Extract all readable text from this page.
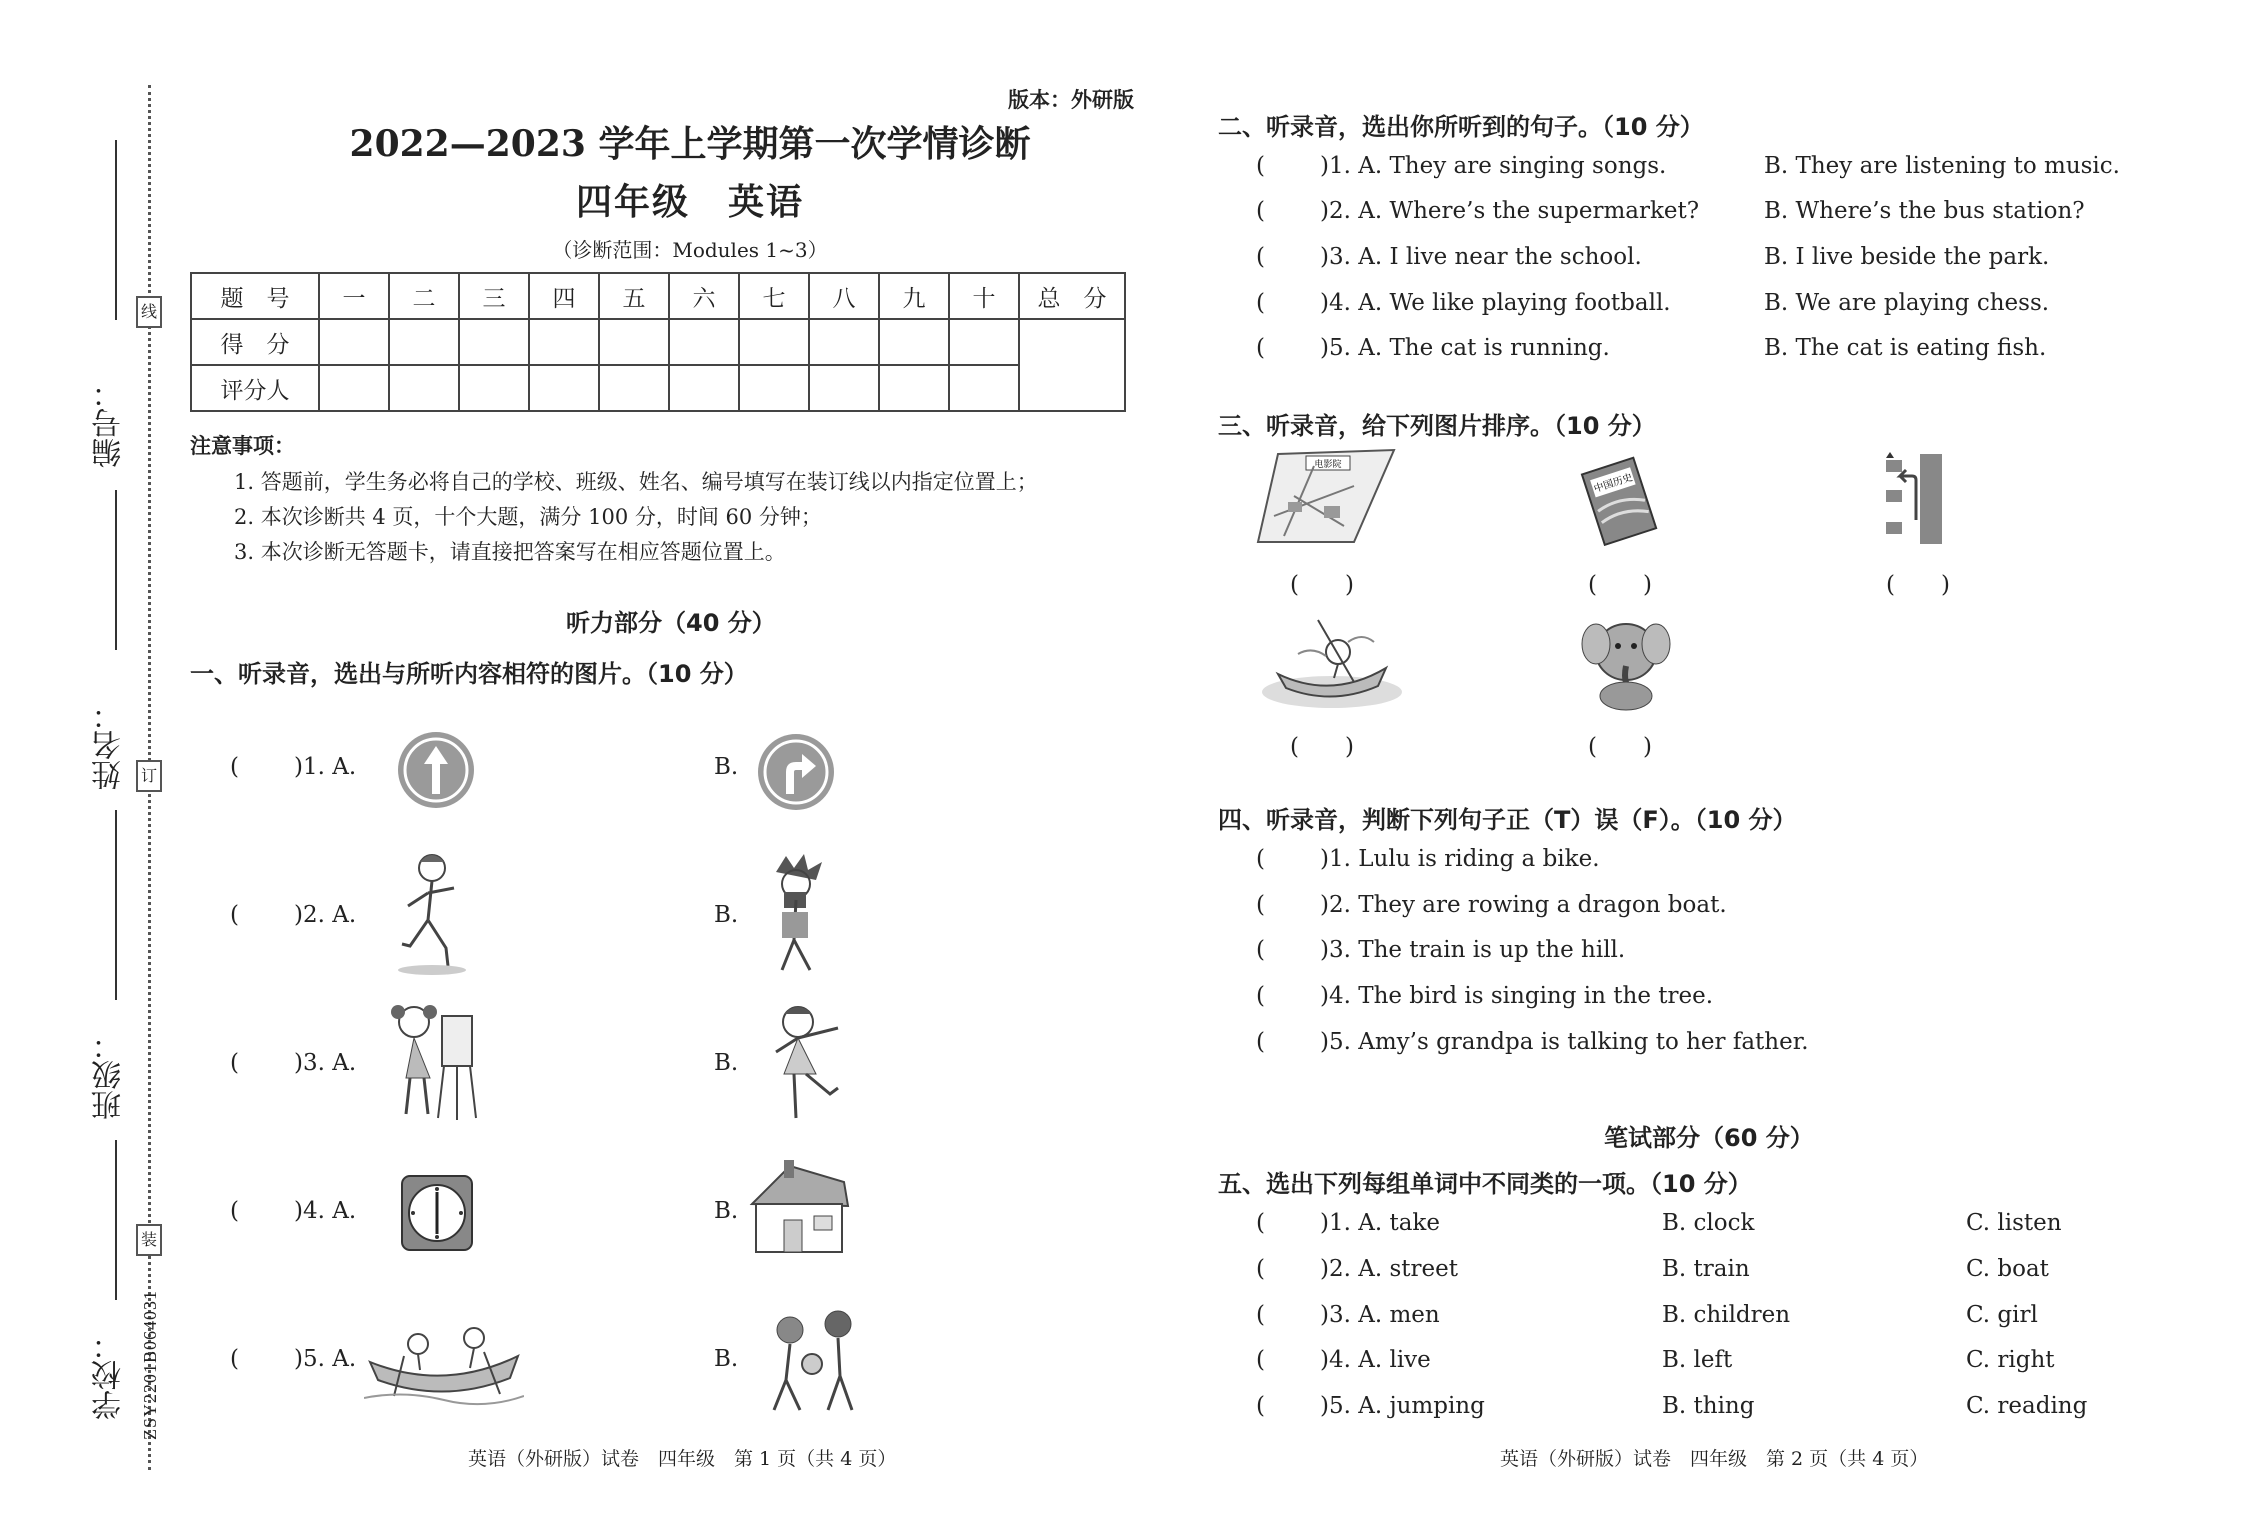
编号：
姓名：
班级：
学校：
线
订
装
ZSY2201B064031
版本：外研版
2022—2023 学年上学期第一次学情诊断
四年级　英语
（诊断范围：Modules 1~3）
题　号	一	二	三	四	五	六	七	八	九	十	总　分
得　分											
评分人											
注意事项：
1. 答题前，学生务必将自己的学校、班级、姓名、编号填写在装订线以内指定位置上；
2. 本次诊断共 4 页，十个大题，满分 100 分，时间 60 分钟；
3. 本次诊断无答题卡，请直接把答案写在相应答题位置上。
听力部分（40 分）
一、听录音，选出与所听内容相符的图片。（10 分）
( )1. A.	B.
( )2. A.	B.
( )3. A.	B.
( )4. A.	B.
( )5. A.	B.
英语（外研版）试卷　四年级　第 1 页（共 4 页）
二、听录音，选出你所听到的句子。（10 分）
( )1. A. They are singing songs.	B. They are listening to music.
( )2. A. Where’s the supermarket?	B. Where’s the bus station?
( )3. A. I live near the school.	B. I live beside the park.
( )4. A. We like playing football.	B. We are playing chess.
( )5. A. The cat is running.	B. The cat is eating fish.
三、听录音，给下列图片排序。（10 分）
电影院
中国历史
(　　)	(　　)	(　　)
(　　)	(　　)
四、听录音，判断下列句子正（T）误（F）。（10 分）
( )1. Lulu is riding a bike.
( )2. They are rowing a dragon boat.
( )3. The train is up the hill.
( )4. The bird is singing in the tree.
( )5. Amy’s grandpa is talking to her father.
笔试部分（60 分）
五、选出下列每组单词中不同类的一项。（10 分）
( )1. A. take	B. clock	C. listen
( )2. A. street	B. train	C. boat
( )3. A. men	B. children	C. girl
( )4. A. live	B. left	C. right
( )5. A. jumping	B. thing	C. reading
英语（外研版）试卷　四年级　第 2 页（共 4 页）
